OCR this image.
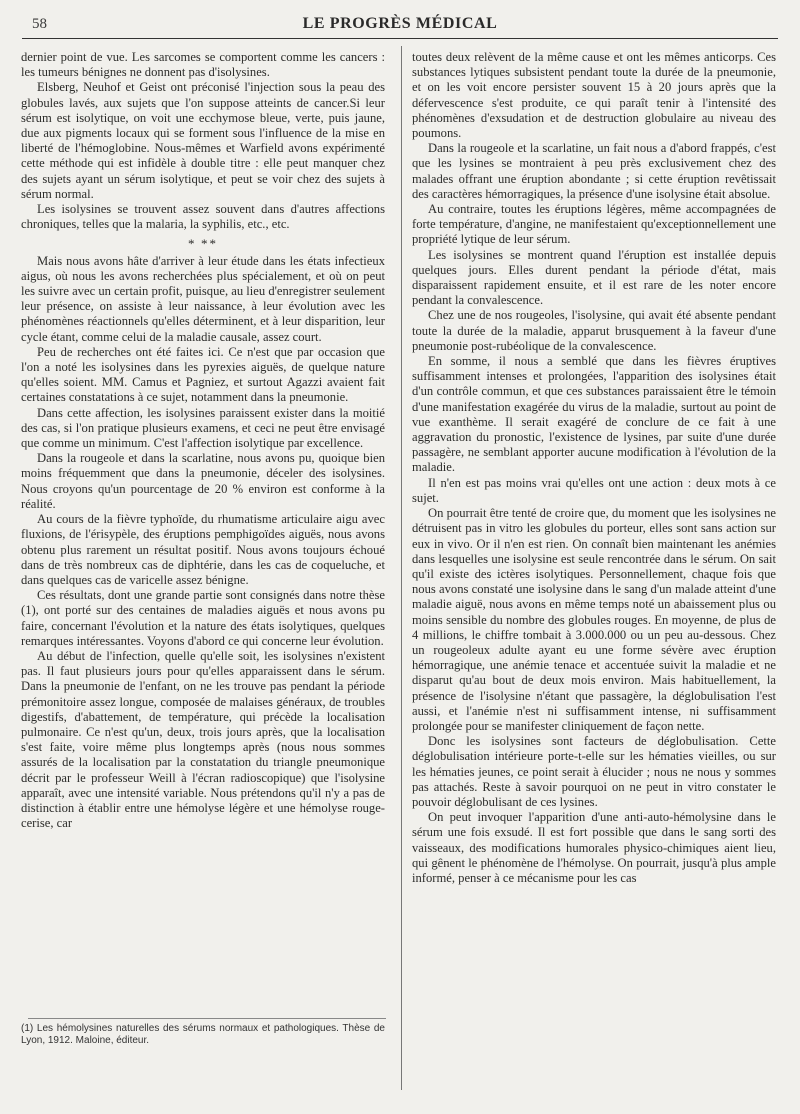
58	LE PROGRÈS MÉDICAL

dernier point de vue. Les sarcomes se comportent comme les cancers : les tumeurs bénignes ne donnent pas d'isolysines.

Elsberg, Neuhof et Geist ont préconisé l'injection sous la peau des globules lavés, aux sujets que l'on suppose atteints de cancer.Si leur sérum est isolytique, on voit une ecchymose bleue, verte, puis jaune, due aux pigments locaux qui se forment sous l'influence de la mise en liberté de l'hémoglobine. Nous-mêmes et Warfield avons expérimenté cette méthode qui est infidèle à double titre : elle peut manquer chez des sujets ayant un sérum isolytique, et peut se voir chez des sujets à sérum normal.

Les isolysines se trouvent assez souvent dans d'autres affections chroniques, telles que la malaria, la syphilis, etc., etc.

* **

Mais nous avons hâte d'arriver à leur étude dans les états infectieux aigus, où nous les avons recherchées plus spécialement, et où on peut les suivre avec un certain profit, puisque, au lieu d'enregistrer seulement leur présence, on assiste à leur naissance, à leur évolution avec les phénomènes réactionnels qu'elles déterminent, et à leur disparition, leur cycle étant, comme celui de la maladie causale, assez court.

Peu de recherches ont été faites ici. Ce n'est que par occasion que l'on a noté les isolysines dans les pyrexies aiguës, de quelque nature qu'elles soient. MM. Camus et Pagniez, et surtout Agazzi avaient fait certaines constatations à ce sujet, notamment dans la pneumonie.

Dans cette affection, les isolysines paraissent exister dans la moitié des cas, si l'on pratique plusieurs examens, et ceci ne peut être envisagé que comme un minimum. C'est l'affection isolytique par excellence.

Dans la rougeole et dans la scarlatine, nous avons pu, quoique bien moins fréquemment que dans la pneumonie, déceler des isolysines. Nous croyons qu'un pourcentage de 20 % environ est conforme à la réalité.

Au cours de la fièvre typhoïde, du rhumatisme articulaire aigu avec fluxions, de l'érisypèle, des éruptions pemphigoïdes aiguës, nous avons obtenu plus rarement un résultat positif. Nous avons toujours échoué dans de très nombreux cas de diphtérie, dans les cas de coqueluche, et dans quelques cas de varicelle assez bénigne.

Ces résultats, dont une grande partie sont consignés dans notre thèse (1), ont porté sur des centaines de maladies aiguës et nous avons pu faire, concernant l'évolution et la nature des états isolytiques, quelques remarques intéressantes. Voyons d'abord ce qui concerne leur évolution.

Au début de l'infection, quelle qu'elle soit, les isolysines n'existent pas. Il faut plusieurs jours pour qu'elles apparaissent dans le sérum. Dans la pneumonie de l'enfant, on ne les trouve pas pendant la période prémonitoire assez longue, composée de malaises généraux, de troubles digestifs, d'abattement, de température, qui précède la localisation pulmonaire. Ce n'est qu'un, deux, trois jours après, que la localisation s'est faite, voire même plus longtemps après (nous nous sommes assurés de la localisation par la constatation du triangle pneumonique décrit par le professeur Weill à l'écran radioscopique) que l'isolysine apparaît, avec une intensité variable. Nous prétendons qu'il n'y a pas de distinction à établir entre une hémolyse légère et une hémolyse rouge-cerise, car

(1) Les hémolysines naturelles des sérums normaux et pathologiques. Thèse de Lyon, 1912. Maloine, éditeur.

toutes deux relèvent de la même cause et ont les mêmes anticorps. Ces substances lytiques subsistent pendant toute la durée de la pneumonie, et on les voit encore persister souvent 15 à 20 jours après que la défervescence s'est produite, ce qui paraît tenir à l'intensité des phénomènes d'exsudation et de destruction globulaire au niveau des poumons.

Dans la rougeole et la scarlatine, un fait nous a d'abord frappés, c'est que les lysines se montraient à peu près exclusivement chez des malades offrant une éruption abondante ; si cette éruption revêtissait des caractères hémorragiques, la présence d'une isolysine était absolue.

Au contraire, toutes les éruptions légères, même accompagnées de forte température, d'angine, ne manifestaient qu'exceptionnellement une propriété lytique de leur sérum.

Les isolysines se montrent quand l'éruption est installée depuis quelques jours. Elles durent pendant la période d'état, mais disparaissent rapidement ensuite, et il est rare de les noter encore pendant la convalescence.

Chez une de nos rougeoles, l'isolysine, qui avait été absente pendant toute la durée de la maladie, apparut brusquement à la faveur d'une pneumonie post-rubéolique de la convalescence.

En somme, il nous a semblé que dans les fièvres éruptives suffisamment intenses et prolongées, l'apparition des isolysines était d'un contrôle commun, et que ces substances paraissaient être le témoin d'une manifestation exagérée du virus de la maladie, surtout au point de vue exanthème. Il serait exagéré de conclure de ce fait à une aggravation du pronostic, l'existence de lysines, par suite d'une durée passagère, ne semblant apporter aucune modification à l'évolution de la maladie.

Il n'en est pas moins vrai qu'elles ont une action : deux mots à ce sujet.

On pourrait être tenté de croire que, du moment que les isolysines ne détruisent pas in vitro les globules du porteur, elles sont sans action sur eux in vivo. Or il n'en est rien. On connaît bien maintenant les anémies dans lesquelles une isolysine est seule rencontrée dans le sérum. On sait qu'il existe des ictères isolytiques. Personnellement, chaque fois que nous avons constaté une isolysine dans le sang d'un malade atteint d'une maladie aiguë, nous avons en même temps noté un abaissement plus ou moins sensible du nombre des globules rouges. En moyenne, de plus de 4 millions, le chiffre tombait à 3.000.000 ou un peu au-dessous. Chez un rougeoleux adulte ayant eu une forme sévère avec éruption hémorragique, une anémie tenace et accentuée suivit la maladie et ne disparut qu'au bout de deux mois environ. Mais habituellement, la présence de l'isolysine n'étant que passagère, la déglobulisation l'est aussi, et l'anémie n'est ni suffisamment intense, ni suffisamment prolongée pour se manifester cliniquement de façon nette.

Donc les isolysines sont facteurs de déglobulisation. Cette déglobulisation intérieure porte-t-elle sur les hématies vieilles, ou sur les hématies jeunes, ce point serait à élucider ; nous ne nous y sommes pas attachés. Reste à savoir pourquoi on ne peut in vitro constater le pouvoir déglobulisant de ces lysines.

On peut invoquer l'apparition d'une anti-auto-hémolysine dans le sérum une fois exsudé. Il est fort possible que dans le sang sorti des vaisseaux, des modifications humorales physico-chimiques aient lieu, qui gênent le phénomène de l'hémolyse. On pourrait, jusqu'à plus ample informé, penser à ce mécanisme pour les cas
